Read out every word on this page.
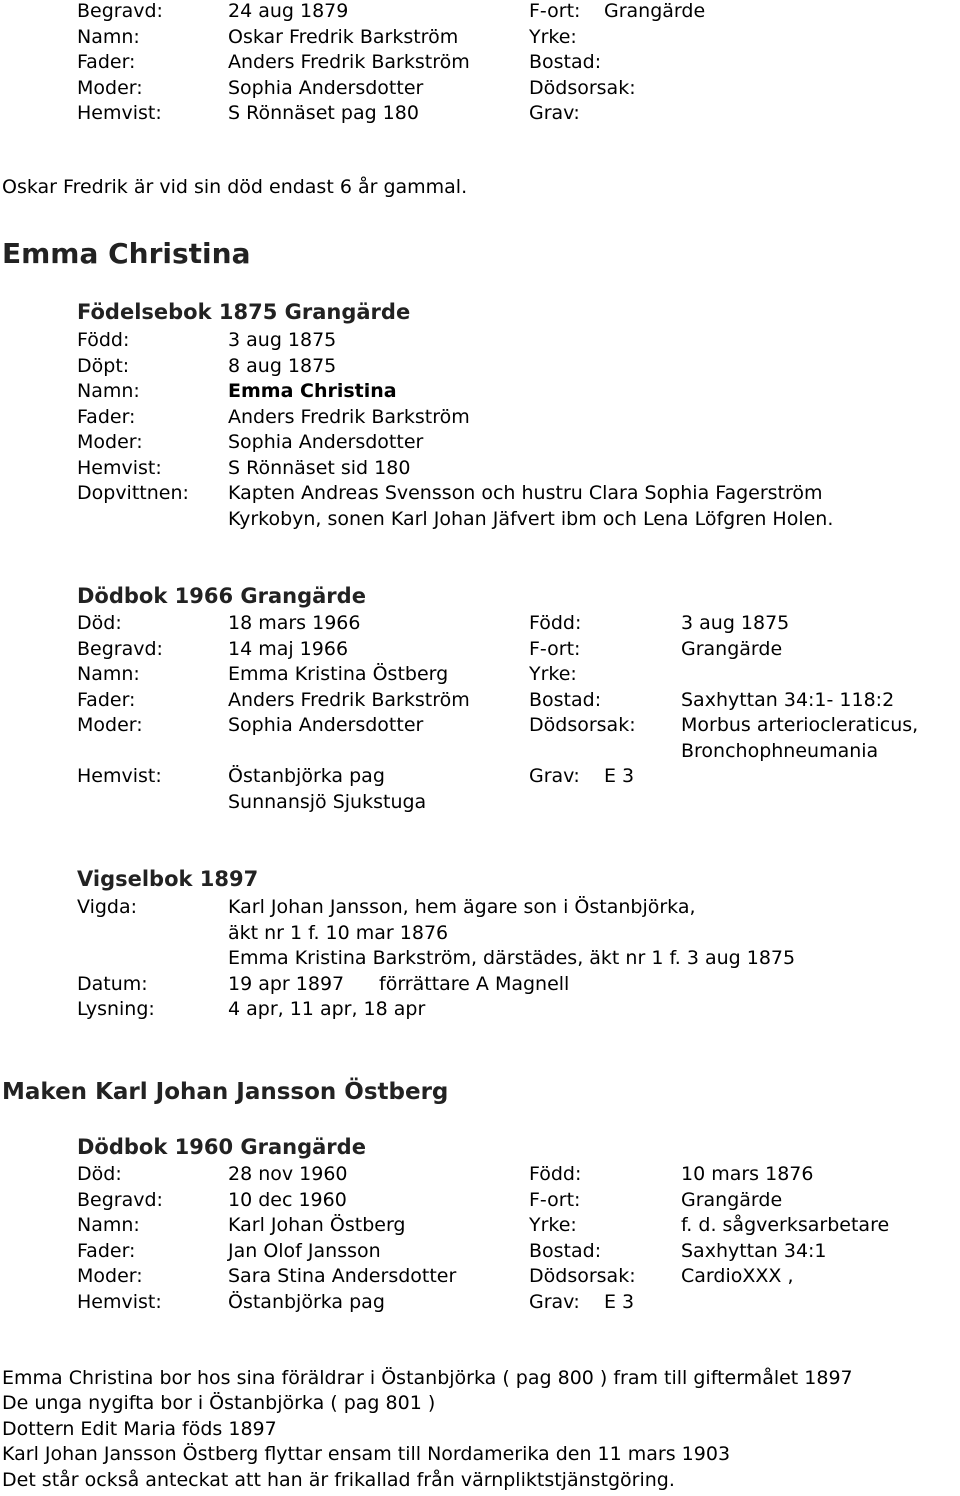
Begravd:	24 aug 1879	F-ort: Grangärde
Namn:	Oskar Fredrik Barkström	Yrke:
Fader:	Anders Fredrik Barkström	Bostad:
Moder:	Sophia Andersdotter	Dödsorsak:
Hemvist:	S Rönnäset pag 180	Grav:
Oskar Fredrik är vid sin död endast 6 år gammal.
Emma Christina
Födelsebok 1875 Grangärde
Född:	3 aug 1875
Döpt:	8 aug 1875
Namn:	Emma Christina
Fader:	Anders Fredrik Barkström
Moder:	Sophia Andersdotter
Hemvist:	S Rönnäset sid 180
Dopvittnen: Kapten Andreas Svensson och hustru Clara Sophia Fagerström Kyrkobyn, sonen Karl Johan Jäfvert ibm och Lena Löfgren Holen.
Dödbok 1966 Grangärde
Död:	18 mars 1966	Född:	3 aug 1875
Begravd:	14 maj 1966	F-ort:	Grangärde
Namn:	Emma Kristina Östberg	Yrke:
Fader:	Anders Fredrik Barkström	Bostad:	Saxhyttan 34:1- 118:2
Moder:	Sophia Andersdotter	Dödsorsak: Morbus arteriocleraticus,
Bronchophneumania
Hemvist:	Östanbjörka pag	Grav: E 3
Sunnansjö Sjukstuga
Vigselbok 1897
Vigda:	Karl Johan Jansson, hem ägare son i Östanbjörka,
äkt nr 1 f. 10 mar 1876
Emma Kristina Barkström, därstädes, äkt nr 1 f. 3 aug 1875
Datum:	19 apr 1897 förrättare A Magnell
Lysning:	4 apr, 11 apr, 18 apr
Maken Karl Johan Jansson Östberg
Dödbok 1960 Grangärde
Död:	28 nov 1960	Född:	10 mars 1876
Begravd:	10 dec 1960	F-ort:	Grangärde
Namn:	Karl Johan Östberg	Yrke:	f. d. sågverksarbetare
Fader:	Jan Olof Jansson	Bostad:	Saxhyttan 34:1
Moder:	Sara Stina Andersdotter	Dödsorsak: CardioXXX ,
Hemvist:	Östanbjörka pag	Grav: E 3
Emma Christina bor hos sina föräldrar i Östanbjörka ( pag 800 ) fram till giftermålet 1897
De unga nygifta bor i Östanbjörka ( pag 801 )
Dottern Edit Maria föds 1897
Karl Johan Jansson Östberg flyttar ensam till Nordamerika den 11 mars 1903
Det står också anteckat att han är frikallad från värnpliktstjänstgöring.
